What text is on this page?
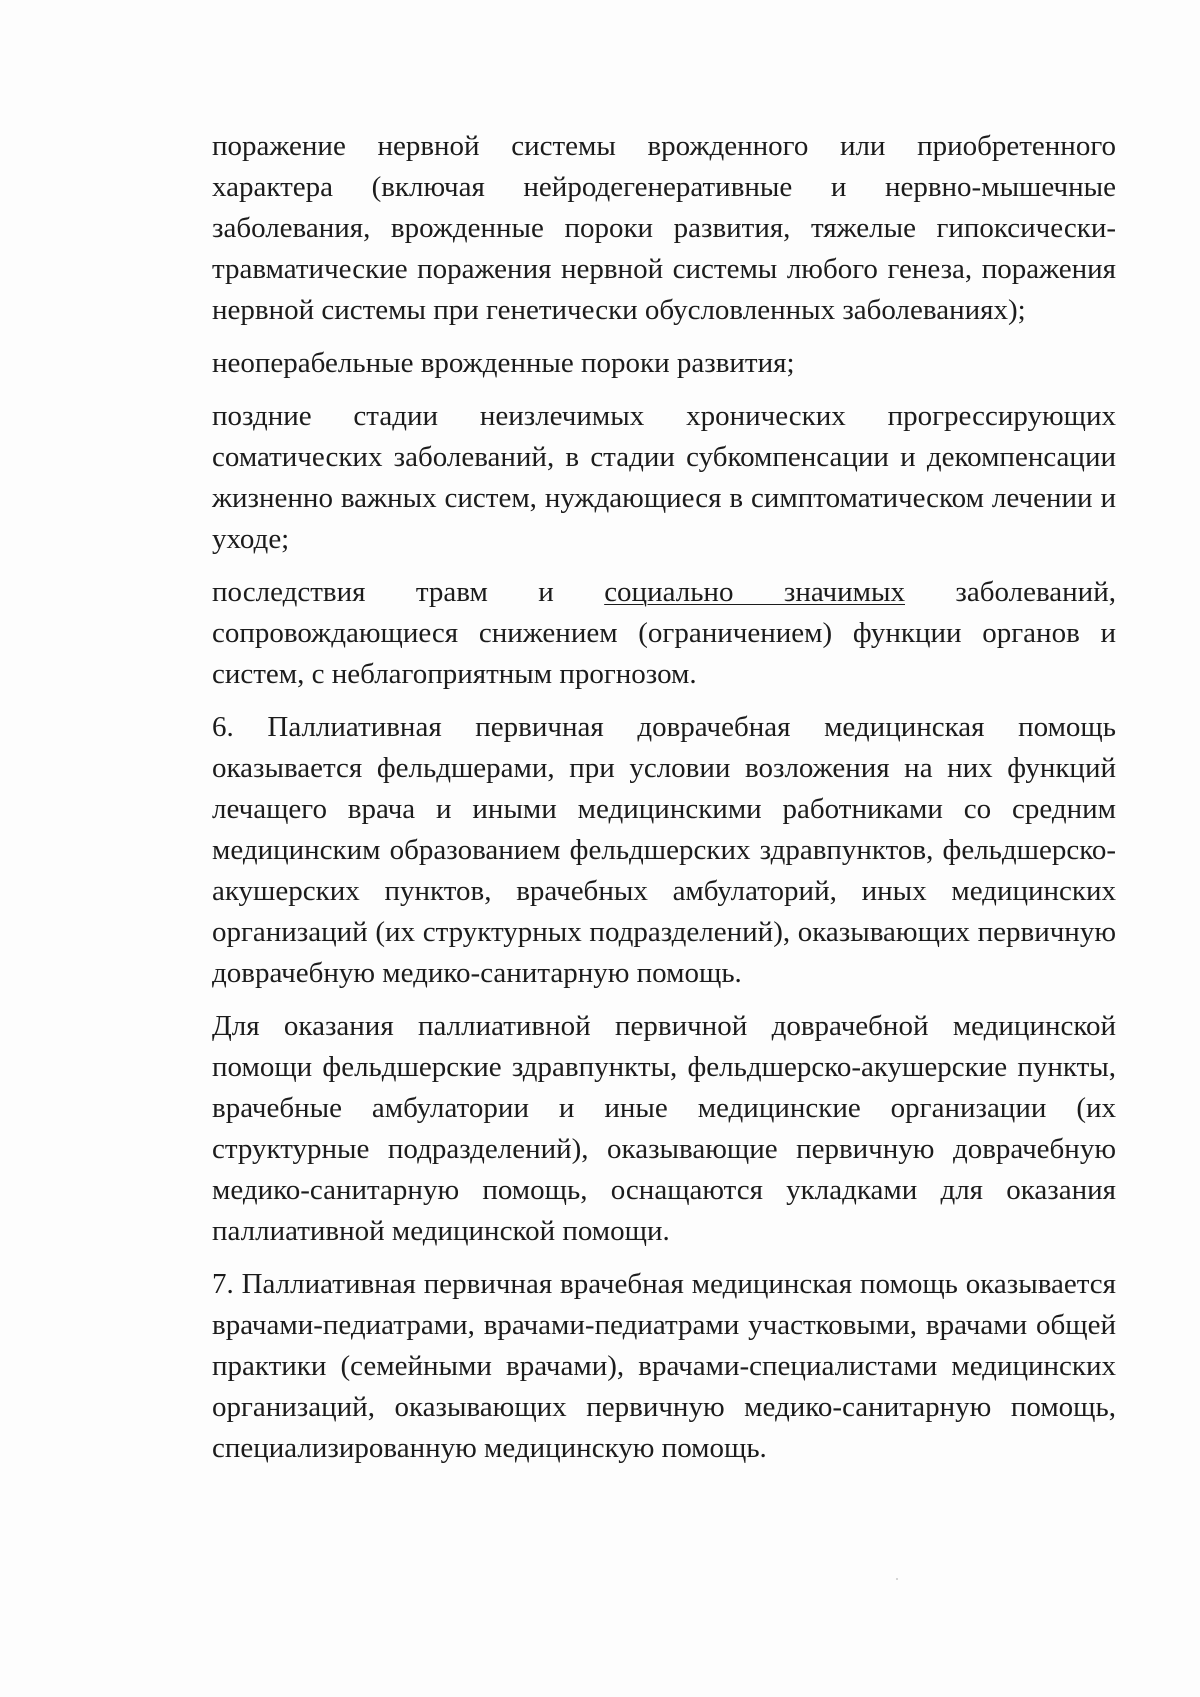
поражение нервной системы врожденного или приобретенного характера (включая нейродегенеративные и нервно-мышечные заболевания, врожденные пороки развития, тяжелые гипоксически-травматические поражения нервной системы любого генеза, поражения нервной системы при генетически обусловленных заболеваниях);

неоперабельные врожденные пороки развития;

поздние стадии неизлечимых хронических прогрессирующих соматических заболеваний, в стадии субкомпенсации и декомпенсации жизненно важных систем, нуждающиеся в симптоматическом лечении и уходе;

последствия травм и социально значимых заболеваний, сопровождающиеся снижением (ограничением) функции органов и систем, с неблагоприятным прогнозом.

6. Паллиативная первичная доврачебная медицинская помощь оказывается фельдшерами, при условии возложения на них функций лечащего врача и иными медицинскими работниками со средним медицинским образованием фельдшерских здравпунктов, фельдшерско-акушерских пунктов, врачебных амбулаторий, иных медицинских организаций (их структурных подразделений), оказывающих первичную доврачебную медико-санитарную помощь.

Для оказания паллиативной первичной доврачебной медицинской помощи фельдшерские здравпункты, фельдшерско-акушерские пункты, врачебные амбулатории и иные медицинские организации (их структурные подразделений), оказывающие первичную доврачебную медико-санитарную помощь, оснащаются укладками для оказания паллиативной медицинской помощи.

7. Паллиативная первичная врачебная медицинская помощь оказывается врачами-педиатрами, врачами-педиатрами участковыми, врачами общей практики (семейными врачами), врачами-специалистами медицинских организаций, оказывающих первичную медико-санитарную помощь, специализированную медицинскую помощь.
